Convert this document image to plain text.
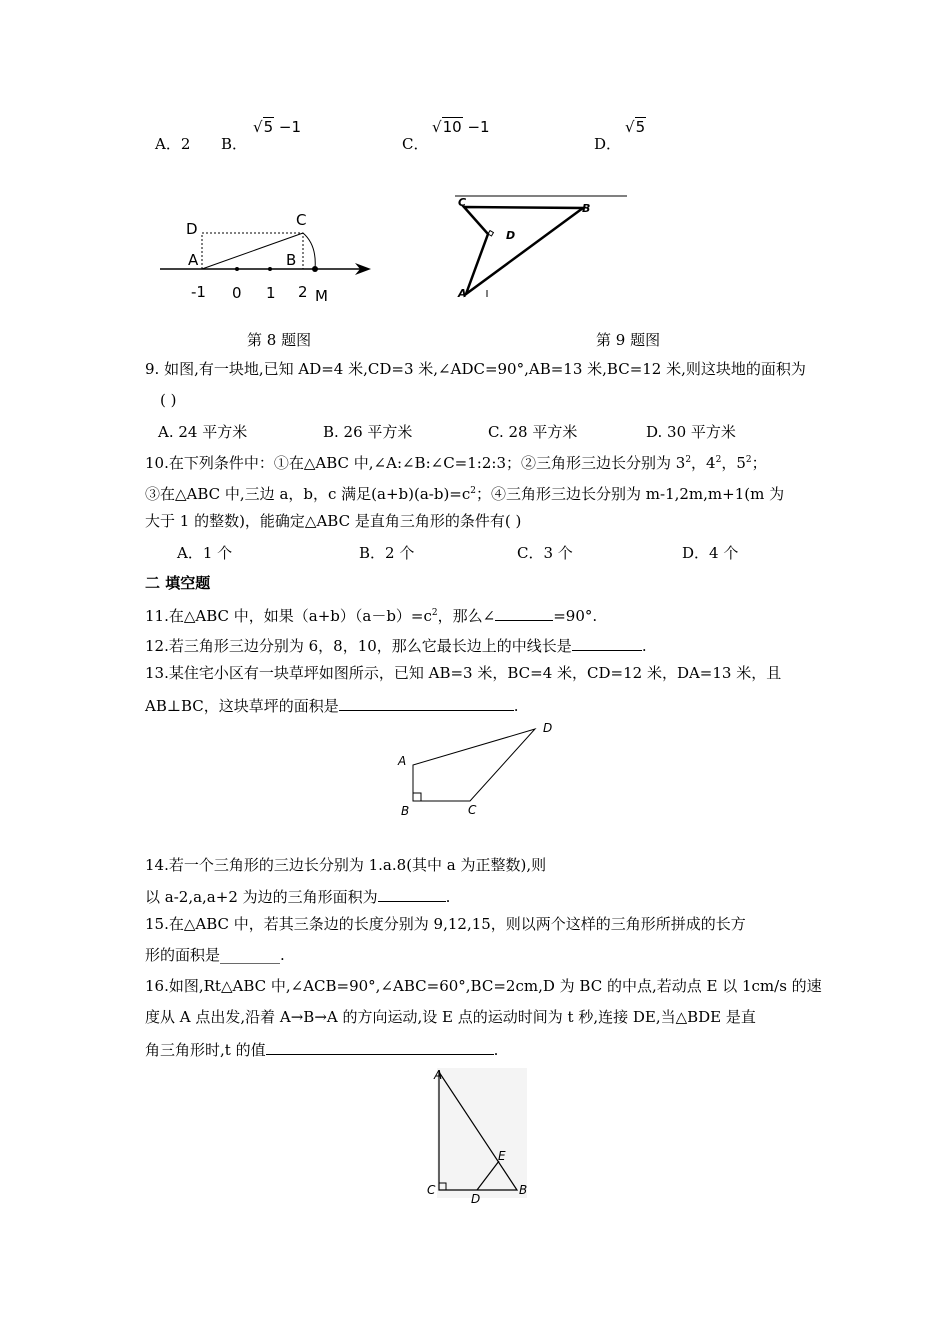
A．2 B．
√5 −1
C．
√10 −1
D．
√5
D	C
A	B
-1 0 1 2 M
C	B
D
A
第 8 题图	第 9 题图
9. 如图,有一块地,已知 AD=4 米,CD=3 米,∠ADC=90°,AB=13 米,BC=12 米,则这块地的面积为
( )
A. 24 平方米	B. 26 平方米	C. 28 平方米	D. 30 平方米
10.在下列条件中：①在△ABC 中,∠A:∠B:∠C=1:2:3；②三角形三边长分别为 $3^2$，$4^2$，$5^2$；
③在△ABC 中,三边 a，b，c 满足$(a+b)(a-b)=c^2$；④三角形三边长分别为 m-1,2m,m+1(m 为
大于 1 的整数)，能确定△ABC 是直角三角形的条件有( )
A．1 个	B．2 个	C．3 个	D．4 个
二 填空题
11.在△ABC 中，如果$(a+b)(a-b)=c^2$，那么∠	=90°.
12.若三角形三边分别为 6，8，10，那么它最长边上的中线长是	.
13.某住宅小区有一块草坪如图所示，已知 AB=3 米，BC=4 米，CD=12 米，DA=13 米，且
AB⊥BC，这块草坪的面积是	.
A
B	C
D
14.若一个三角形的三边长分别为 1.a.8(其中 a 为正整数),则
以 a-2,a,a+2 为边的三角形面积为	.
15.在△ABC 中，若其三条边的长度分别为 9,12,15，则以两个这样的三角形所拼成的长方
形的面积是________.
16.如图,Rt△ABC 中,∠ACB=90°,∠ABC=60°,BC=2cm,D 为 BC 的中点,若动点 E 以 1cm/s 的速
度从 A 点出发,沿着 A→B→A 的方向运动,设 E 点的运动时间为 t 秒,连接 DE,当△BDE 是直
角三角形时,t 的值	.
A
C
D
B
E
